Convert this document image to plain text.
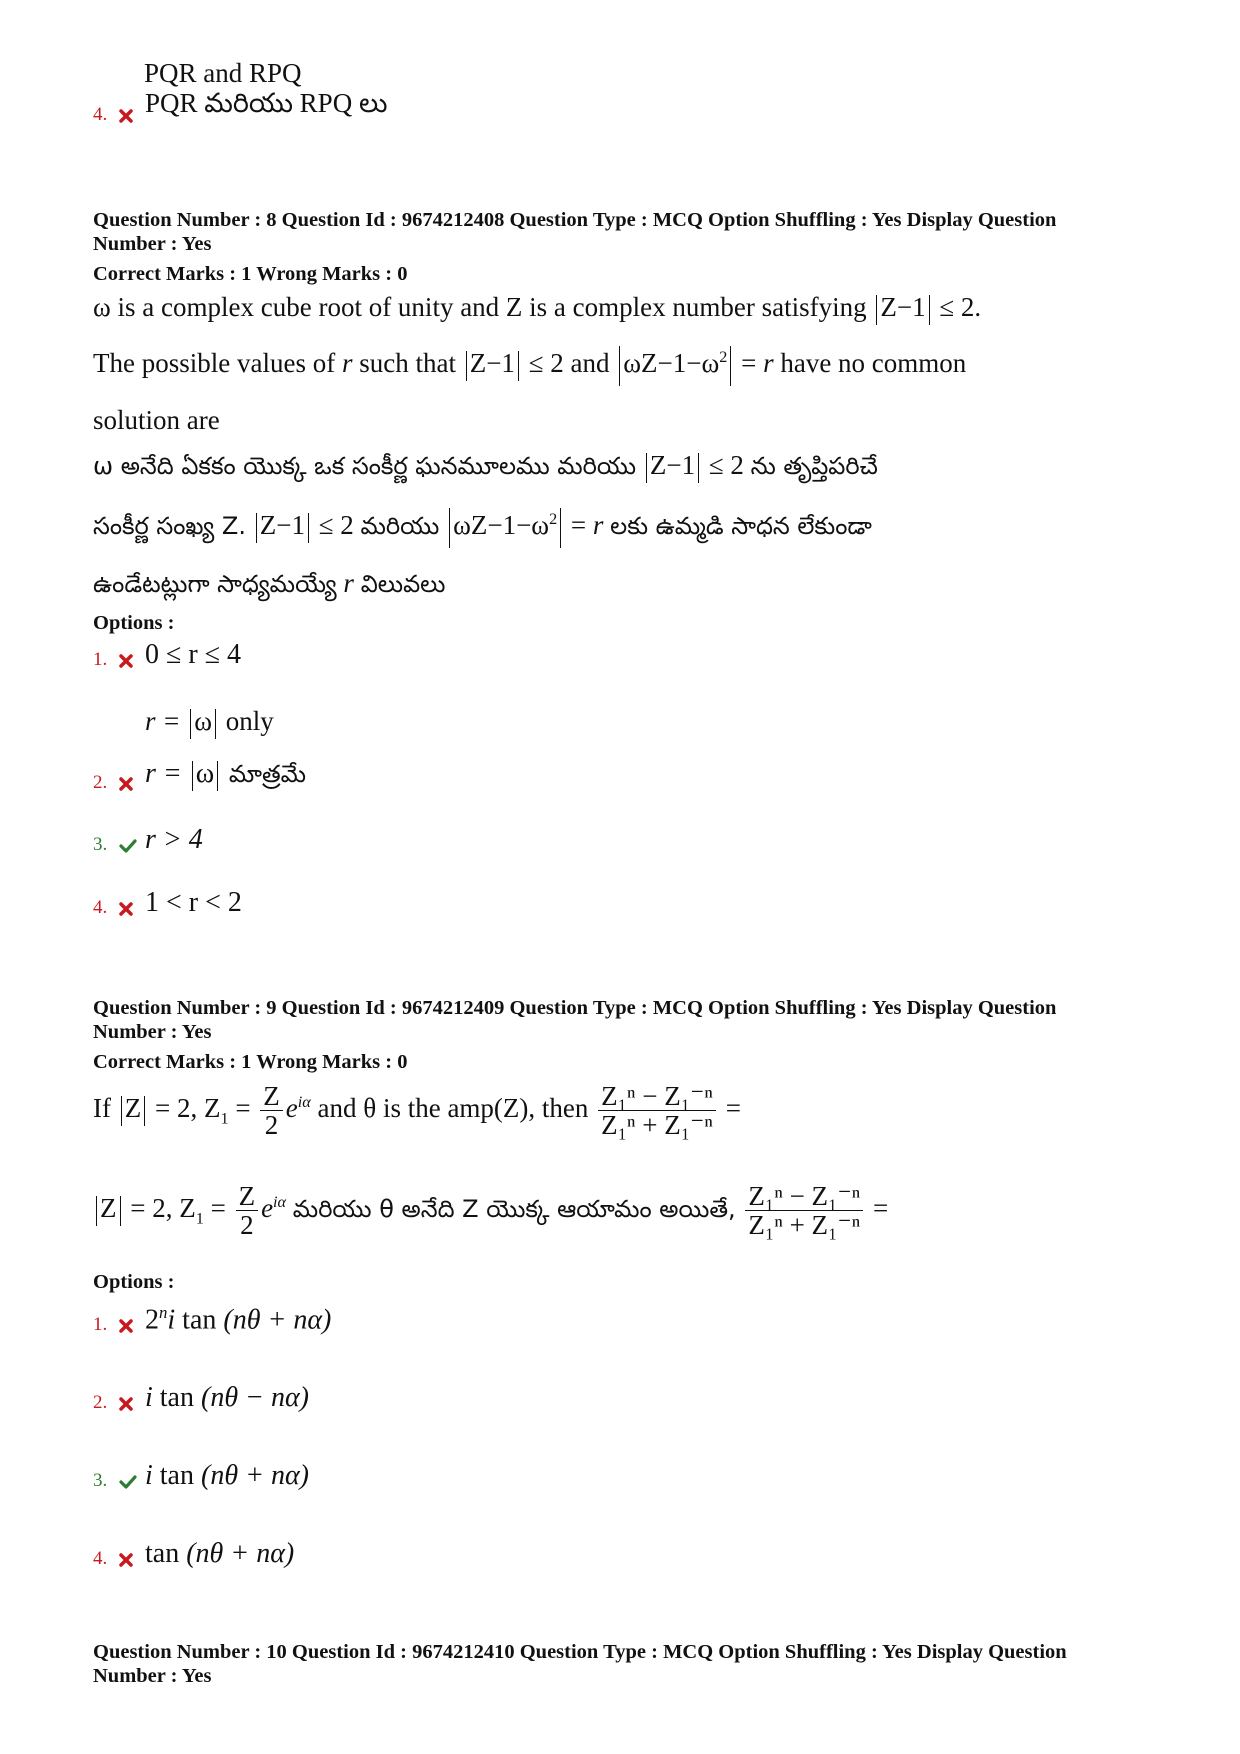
PQR and RPQ
4. PQR మరియు RPQ లు
Question Number : 8 Question Id : 9674212408 Question Type : MCQ Option Shuffling : Yes Display Question
Number : Yes
Correct Marks : 1 Wrong Marks : 0
ω is a complex cube root of unity and Z is a complex number satisfying Z−1 ≤ 2.
The possible values of r such that Z−1 ≤ 2 and $\omega Z-1-\omega^2 = r$ have no common
solution are
ω అనేది ఏకకం యొక్క ఒక సంకీర్ణ ఘనమూలము మరియు Z−1 ≤ 2 ను తృప్తిపరిచే
సంకీర్ణ సంఖ్య Z. Z−1 ≤ 2 మరియు $\omega Z-1-\omega^2 = r$ లకు ఉమ్మడి సాధన లేకుండా
ఉండేటట్లుగా సాధ్యమయ్యే r విలువలు
Options :
1. 0 ≤ r ≤ 4
r = ω only
2. r = ω మాత్రమే
3. r > 4
4. 1 < r < 2
Question Number : 9 Question Id : 9674212409 Question Type : MCQ Option Shuffling : Yes Display Question
Number : Yes
Correct Marks : 1 Wrong Marks : 0
If Z = 2, $Z_1 = \frac{Z}{2} e^{i\alpha}$ and θ is the amp(Z), then $\frac{\text{Z₁ⁿ − Z₁⁻ⁿ}}{\text{Z₁ⁿ + Z₁⁻ⁿ}}$ =
Z = 2, $Z_1 = \frac{Z}{2} e^{i\alpha}$ మరియు θ అనేది Z యొక్క ఆయామం అయితే, $\frac{\text{Z₁ⁿ − Z₁⁻ⁿ}}{\text{Z₁ⁿ + Z₁⁻ⁿ}}$ =
Options :
1. 2$^n$i tan (nθ + nα)
2. i tan (nθ − nα)
3. i tan (nθ + nα)
4. tan (nθ + nα)
Question Number : 10 Question Id : 9674212410 Question Type : MCQ Option Shuffling : Yes Display Question
Number : Yes
